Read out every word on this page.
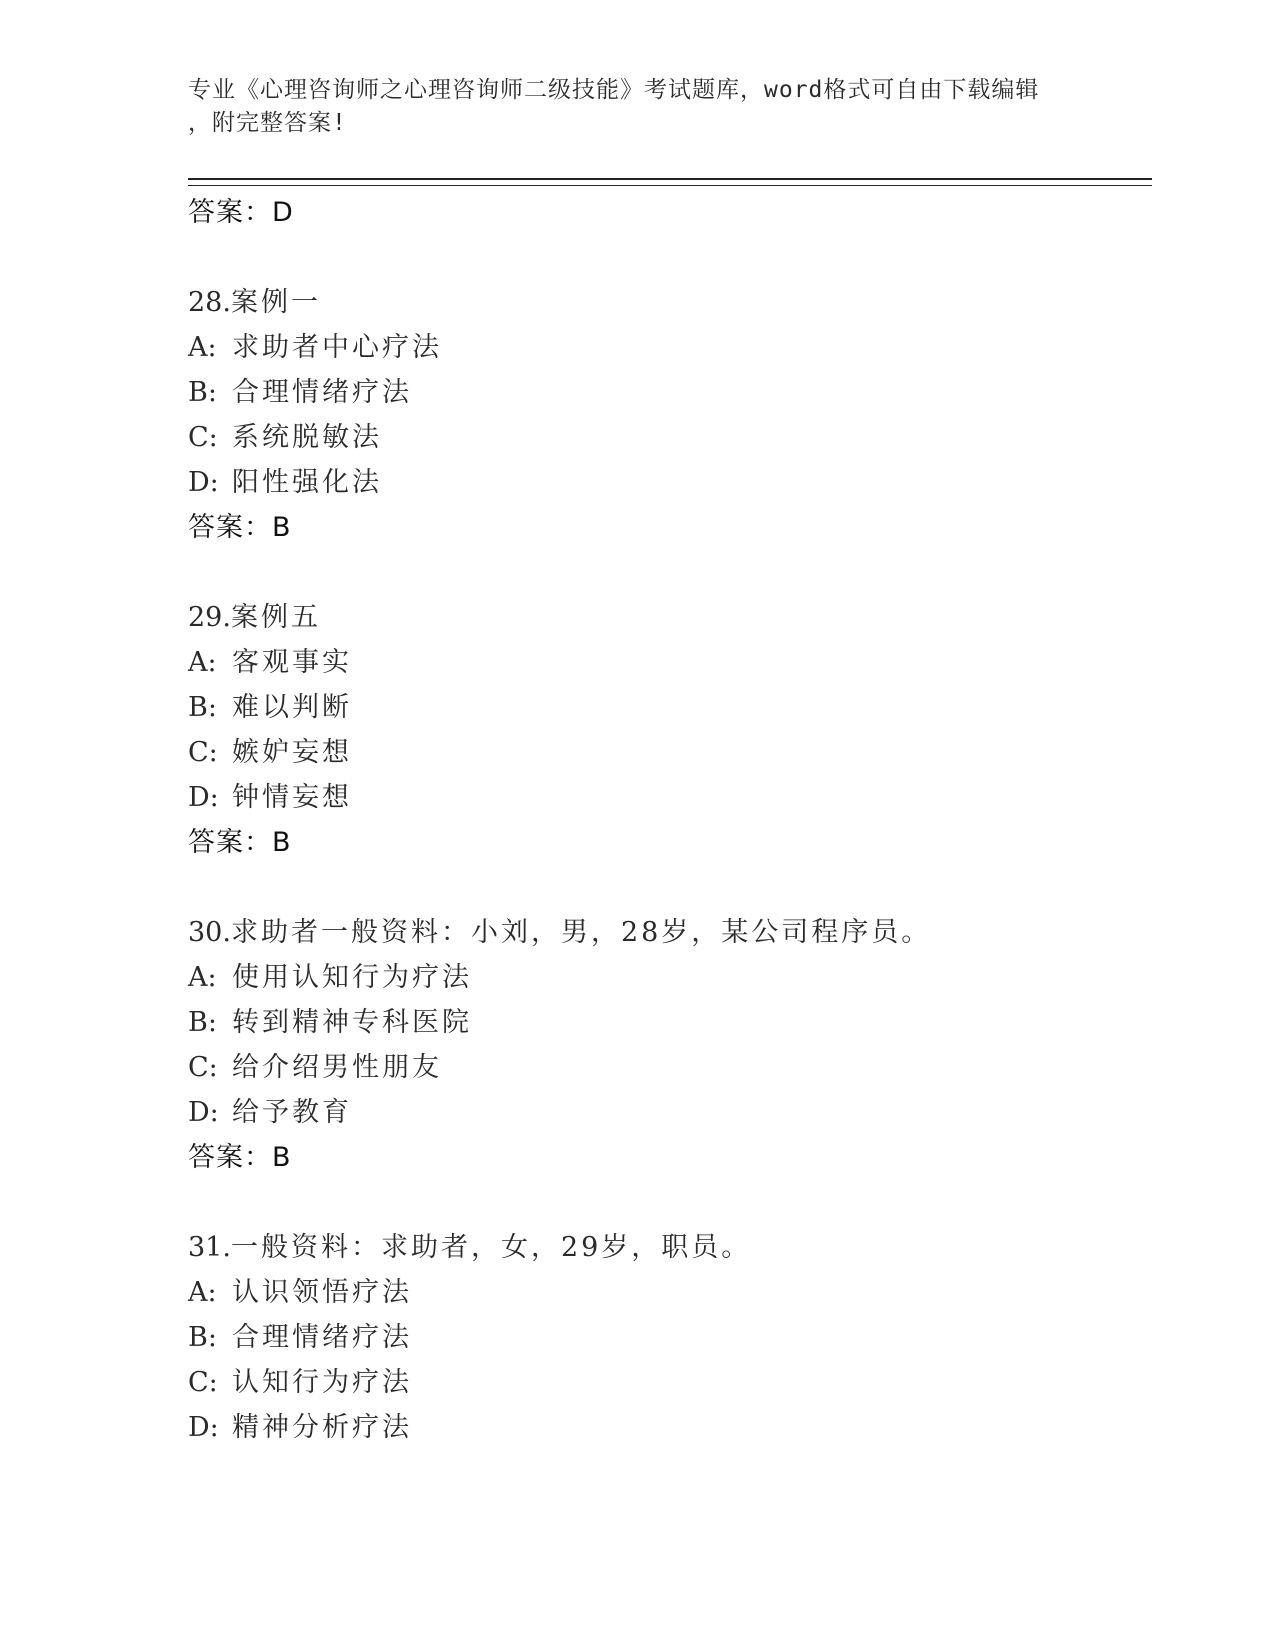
专业《心理咨询师之心理咨询师二级技能》考试题库，word格式可自由下载编辑
，附完整答案!
答案：D
28.案例一
A: 求助者中心疗法
B: 合理情绪疗法
C: 系统脱敏法
D: 阳性强化法
答案：B
29.案例五
A: 客观事实
B: 难以判断
C: 嫉妒妄想
D: 钟情妄想
答案：B
30.求助者一般资料：小刘，男，28岁，某公司程序员。
A: 使用认知行为疗法
B: 转到精神专科医院
C: 给介绍男性朋友
D: 给予教育
答案：B
31.一般资料：求助者，女，29岁，职员。
A: 认识领悟疗法
B: 合理情绪疗法
C: 认知行为疗法
D: 精神分析疗法
